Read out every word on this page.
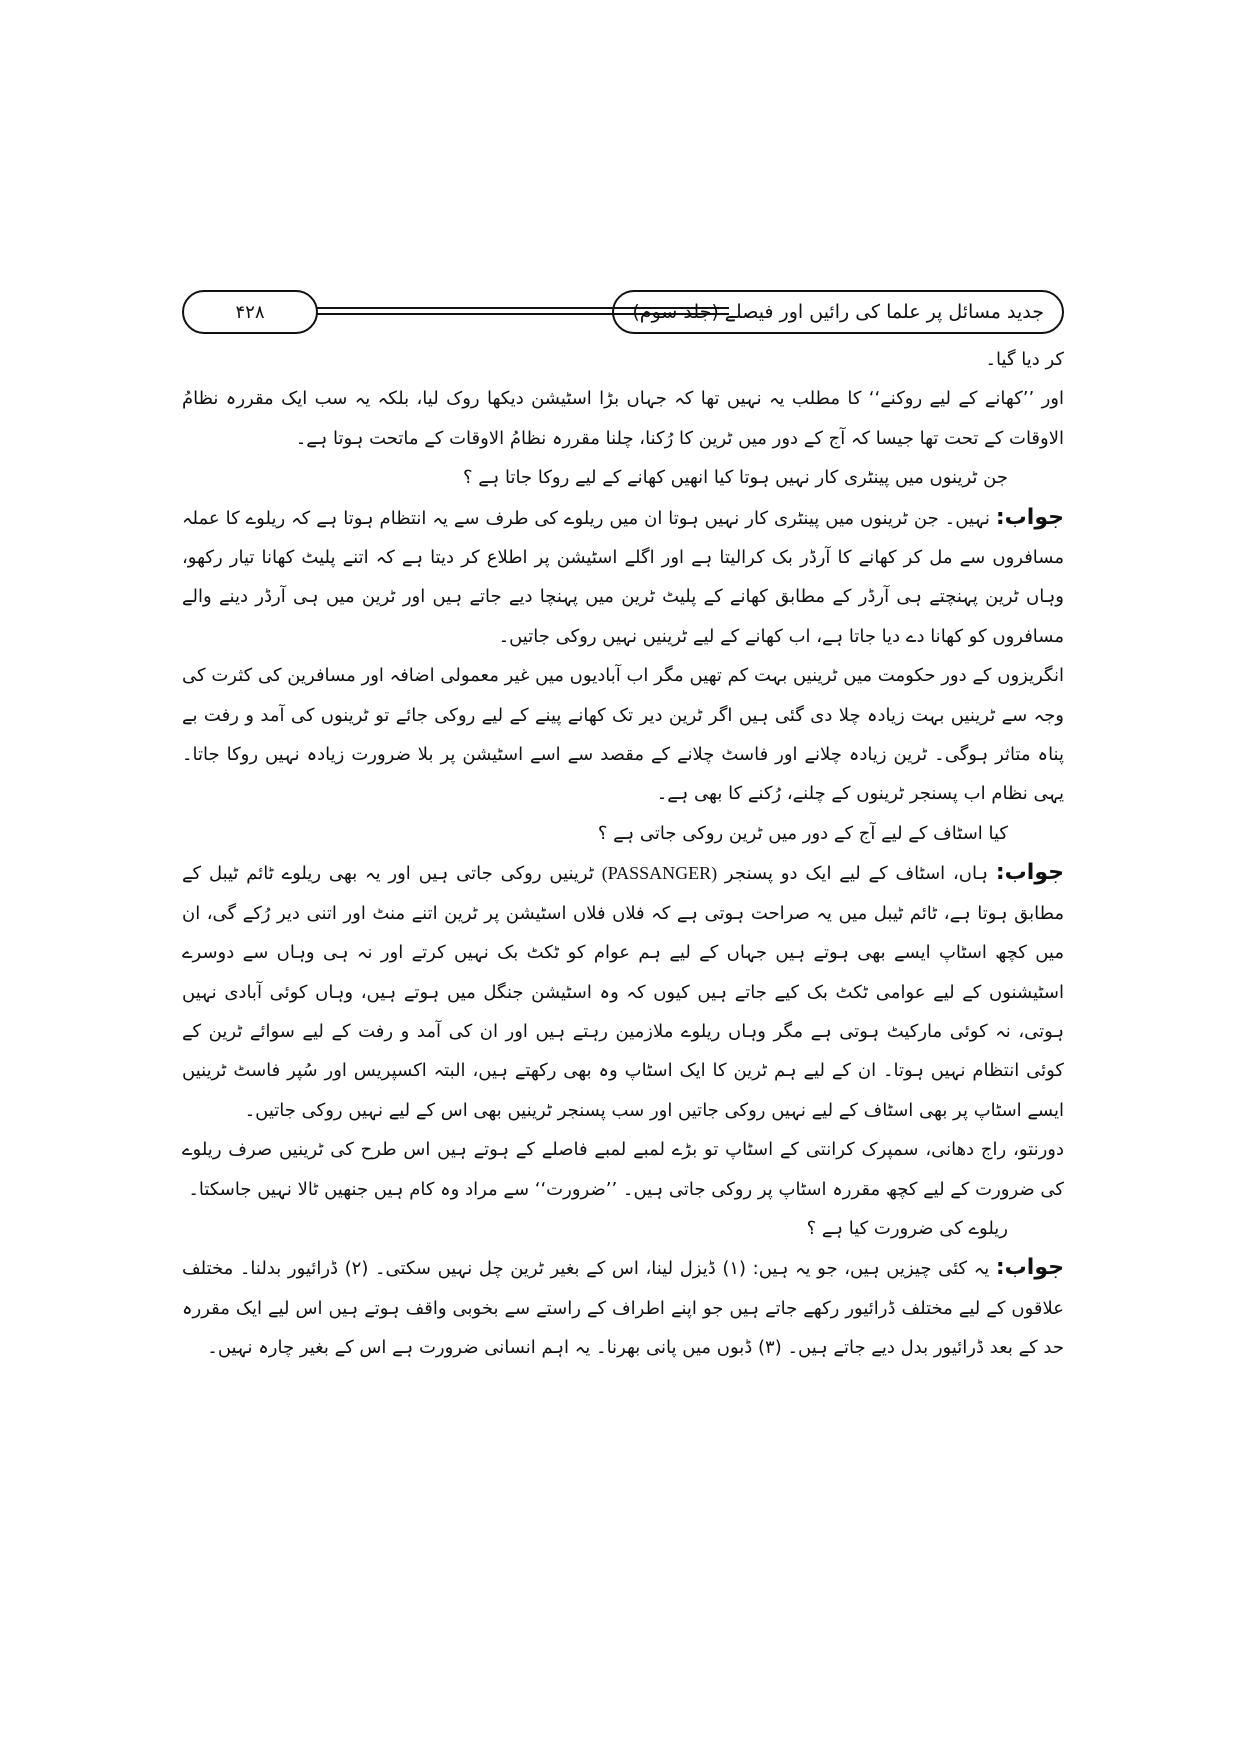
جدید مسائل پر علما کی رائیں اور فیصلے (جلد سوم)
۴۲۸

کر دیا گیا۔

اور ’’کھانے کے لیے روکنے‘‘ کا مطلب یہ نہیں تھا کہ جہاں بڑا اسٹیشن دیکھا روک لیا، بلکہ یہ سب ایک مقررہ نظامُ الاوقات کے تحت تھا جیسا کہ آج کے دور میں ٹرین کا رُکنا، چلنا مقررہ نظامُ الاوقات کے ماتحت ہوتا ہے۔

جن ٹرینوں میں پینٹری کار نہیں ہوتا کیا انھیں کھانے کے لیے روکا جاتا ہے ؟

جواب: نہیں۔ جن ٹرینوں میں پینٹری کار نہیں ہوتا ان میں ریلوے کی طرف سے یہ انتظام ہوتا ہے کہ ریلوے کا عملہ مسافروں سے مل کر کھانے کا آرڈر بک کرالیتا ہے اور اگلے اسٹیشن پر اطلاع کر دیتا ہے کہ اتنے پلیٹ کھانا تیار رکھو، وہاں ٹرین پہنچتے ہی آرڈر کے مطابق کھانے کے پلیٹ ٹرین میں پہنچا دیے جاتے ہیں اور ٹرین میں ہی آرڈر دینے والے مسافروں کو کھانا دے دیا جاتا ہے، اب کھانے کے لیے ٹرینیں نہیں روکی جاتیں۔

انگریزوں کے دور حکومت میں ٹرینیں بہت کم تھیں مگر اب آبادیوں میں غیر معمولی اضافہ اور مسافرین کی کثرت کی وجہ سے ٹرینیں بہت زیادہ چلا دی گئی ہیں اگر ٹرین دیر تک کھانے پینے کے لیے روکی جائے تو ٹرینوں کی آمد و رفت بے پناہ متاثر ہوگی۔ ٹرین زیادہ چلانے اور فاسٹ چلانے کے مقصد سے اسے اسٹیشن پر بلا ضرورت زیادہ نہیں روکا جاتا۔ یہی نظام اب پسنجر ٹرینوں کے چلنے، رُکنے کا بھی ہے۔

کیا اسٹاف کے لیے آج کے دور میں ٹرین روکی جاتی ہے ؟

جواب: ہاں، اسٹاف کے لیے ایک دو پسنجر (PASSANGER) ٹرینیں روکی جاتی ہیں اور یہ بھی ریلوے ٹائم ٹیبل کے مطابق ہوتا ہے، ٹائم ٹیبل میں یہ صراحت ہوتی ہے کہ فلاں فلاں اسٹیشن پر ٹرین اتنے منٹ اور اتنی دیر رُکے گی، ان میں کچھ اسٹاپ ایسے بھی ہوتے ہیں جہاں کے لیے ہم عوام کو ٹکٹ بک نہیں کرتے اور نہ ہی وہاں سے دوسرے اسٹیشنوں کے لیے عوامی ٹکٹ بک کیے جاتے ہیں کیوں کہ وہ اسٹیشن جنگل میں ہوتے ہیں، وہاں کوئی آبادی نہیں ہوتی، نہ کوئی مارکیٹ ہوتی ہے مگر وہاں ریلوے ملازمین رہتے ہیں اور ان کی آمد و رفت کے لیے سوائے ٹرین کے کوئی انتظام نہیں ہوتا۔ ان کے لیے ہم ٹرین کا ایک اسٹاپ وہ بھی رکھتے ہیں، البتہ اکسپریس اور سُپر فاسٹ ٹرینیں ایسے اسٹاپ پر بھی اسٹاف کے لیے نہیں روکی جاتیں اور سب پسنجر ٹرینیں بھی اس کے لیے نہیں روکی جاتیں۔

دورنتو، راج دھانی، سمپرک کرانتی کے اسٹاپ تو بڑے لمبے لمبے فاصلے کے ہوتے ہیں اس طرح کی ٹرینیں صرف ریلوے کی ضرورت کے لیے کچھ مقررہ اسٹاپ پر روکی جاتی ہیں۔ ’’ضرورت‘‘ سے مراد وہ کام ہیں جنھیں ٹالا نہیں جاسکتا۔

ریلوے کی ضرورت کیا ہے ؟

جواب: یہ کئی چیزیں ہیں، جو یہ ہیں: (۱) ڈیزل لینا، اس کے بغیر ٹرین چل نہیں سکتی۔ (۲) ڈرائیور بدلنا۔ مختلف علاقوں کے لیے مختلف ڈرائیور رکھے جاتے ہیں جو اپنے اطراف کے راستے سے بخوبی واقف ہوتے ہیں اس لیے ایک مقررہ حد کے بعد ڈرائیور بدل دیے جاتے ہیں۔ (۳) ڈبوں میں پانی بھرنا۔ یہ اہم انسانی ضرورت ہے اس کے بغیر چارہ نہیں۔
